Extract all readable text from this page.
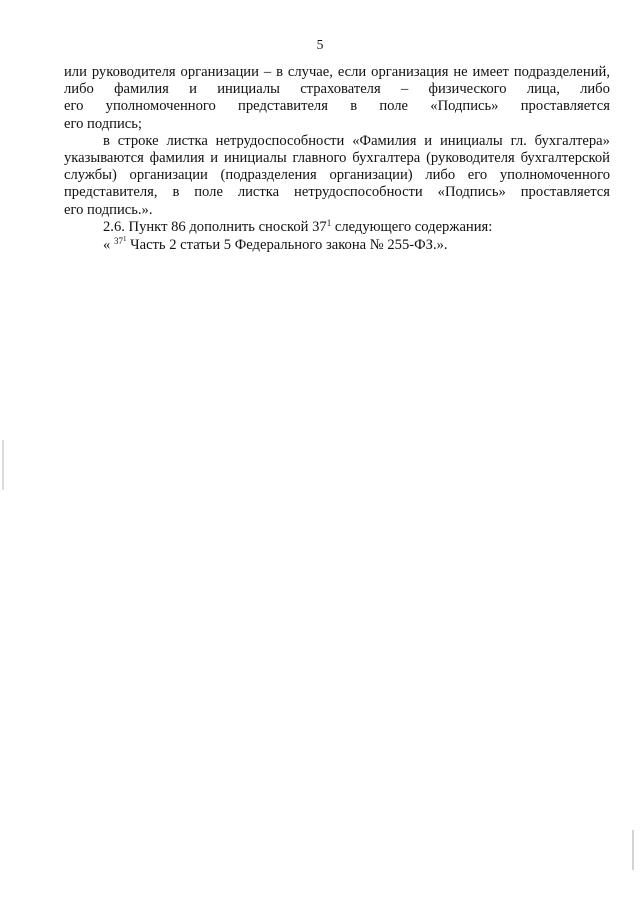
5
или руководителя организации – в случае, если организация не имеет подразделений,
либо фамилия и инициалы страхователя – физического лица, либо
его уполномоченного представителя в поле «Подпись» проставляется
его подпись;
в строке листка нетрудоспособности «Фамилия и инициалы гл. бухгалтера»
указываются фамилия и инициалы главного бухгалтера (руководителя бухгалтерской
службы) организации (подразделения организации) либо его уполномоченного
представителя, в поле листка нетрудоспособности «Подпись» проставляется
его подпись.».
2.6. Пункт 86 дополнить сноской $37^1$ следующего содержания:
« $^{37^1}$ Часть 2 статьи 5 Федерального закона № 255-ФЗ.».
